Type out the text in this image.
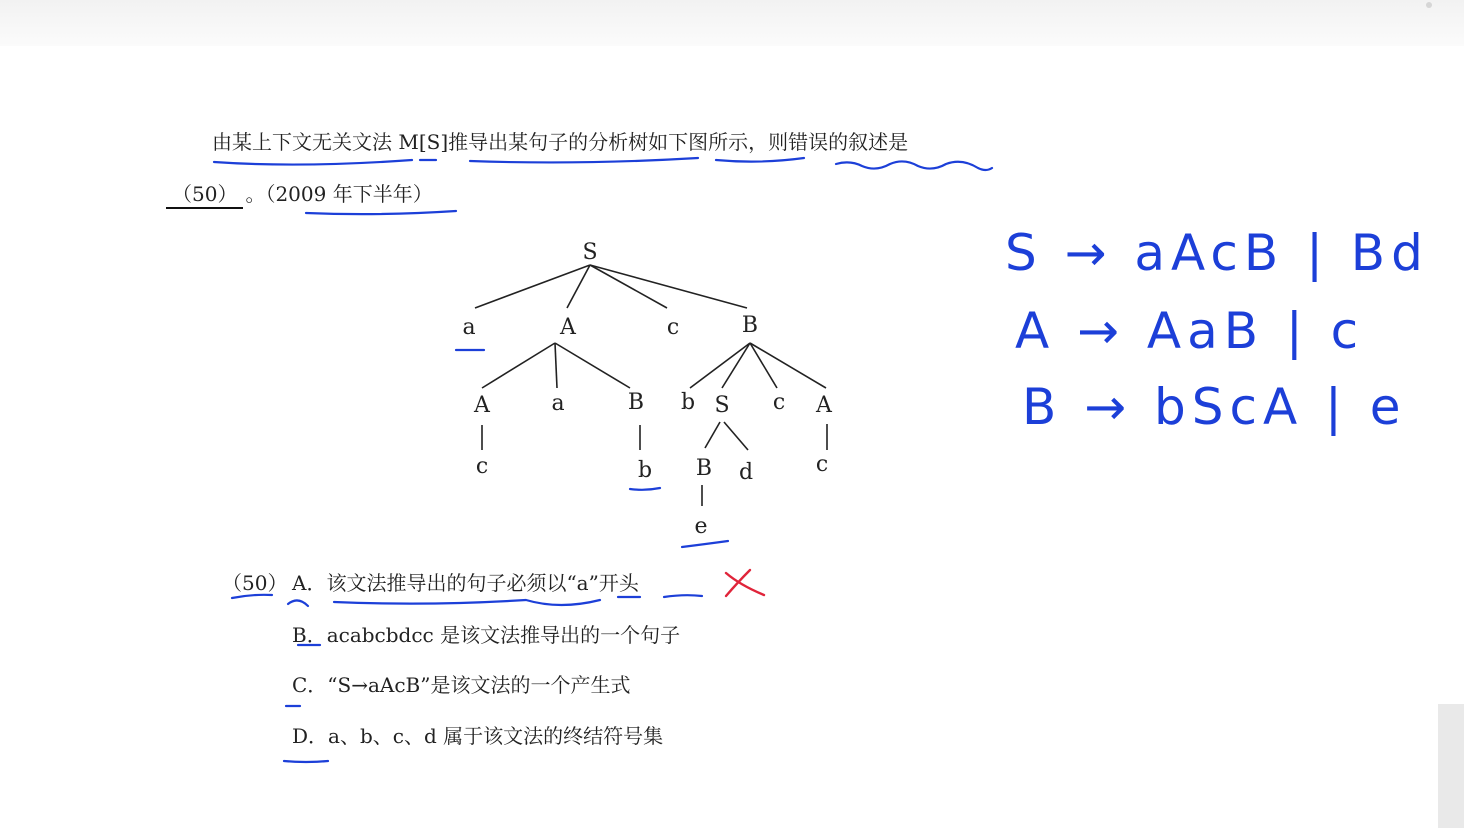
由某上下文无关文法 M[S]推导出某句子的分析树如下图所示，则错误的叙述是
（50） 。（2009 年下半年）
S
a	A	c	B
A	a	B b S c A
c	b B d	c
e
（50） A．该文法推导出的句子必须以“a”开头
B．acabcbdcc 是该文法推导出的一个句子
C．“S→aAcB”是该文法的一个产生式
D．a、b、c、d 属于该文法的终结符号集
S → aAcB | Bd
A → AaB | c
B → bScA | e
